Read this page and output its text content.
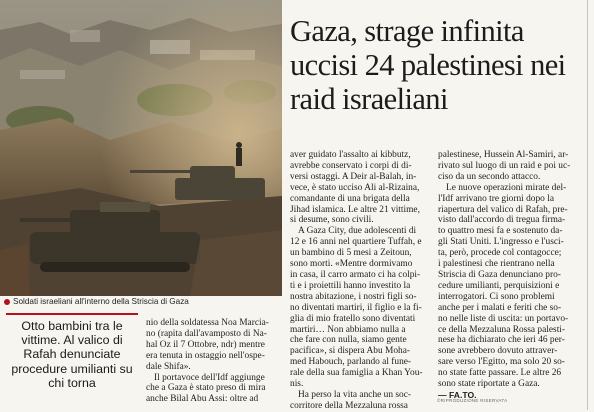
Soldati israeliani all'interno della Striscia di Gaza
Gaza, strage infinita uccisi 24 palestinesi nei raid israeliani

Otto bambini tra le vittime. Al valico di Rafah denunciate procedure umilianti su chi torna

nio della soldatessa Noa Marcia-
no (rapita dall'avamposto di Na-
hal Oz il 7 Ottobre, ndr) mentre
era tenuta in ostaggio nell'ospe-
dale Shifa».
Il portavoce dell'Idf aggiunge
che a Gaza è stato preso di mira
anche Bilal Abu Assi: oltre ad
aver guidato l'assalto ai kibbutz,
avrebbe conservato i corpi di di-
versi ostaggi. A Deir al-Balah, in-
vece, è stato ucciso Ali al-Rizaina,
comandante di una brigata della
Jihad islamica. Le altre 21 vittime,
si desume, sono civili.
A Gaza City, due adolescenti di
12 e 16 anni nel quartiere Tuffah, e
un bambino di 5 mesi a Zeitoun,
sono morti. «Mentre dormivamo
in casa, il carro armato ci ha colpi-
ti e i proiettili hanno investito la
nostra abitazione, i nostri figli so-
no diventati martiri, il figlio e la fi-
glia di mio fratello sono diventati
martiri… Non abbiamo nulla a
che fare con nulla, siamo gente
pacifica», si dispera Abu Moha-
med Habouch, parlando al fune-
rale della sua famiglia a Khan You-
nis.
Ha perso la vita anche un soc-
corritore della Mezzaluna rossa
palestinese, Hussein Al-Samiri, ar-
rivato sul luogo di un raid e poi uc-
ciso da un secondo attacco.
Le nuove operazioni mirate del-
l'Idf arrivano tre giorni dopo la
riapertura del valico di Rafah, pre-
visto dall'accordo di tregua firma-
to quattro mesi fa e sostenuto da-
gli Stati Uniti. L'ingresso e l'usci-
ta, però, procede col contagocce;
i palestinesi che rientrano nella
Striscia di Gaza denunciano pro-
cedure umilianti, perquisizioni e
interrogatori. Ci sono problemi
anche per i malati e feriti che so-
no nelle liste di uscita: un portavo-
ce della Mezzaluna Rossa palesti-
nese ha dichiarato che ieri 46 per-
sone avrebbero dovuto attraver-
sare verso l'Egitto, ma solo 20 so-
no state fatte passare. Le altre 26
sono state riportate a Gaza.
— FA.TO.
©RIPRODUZIONE RISERVATA
